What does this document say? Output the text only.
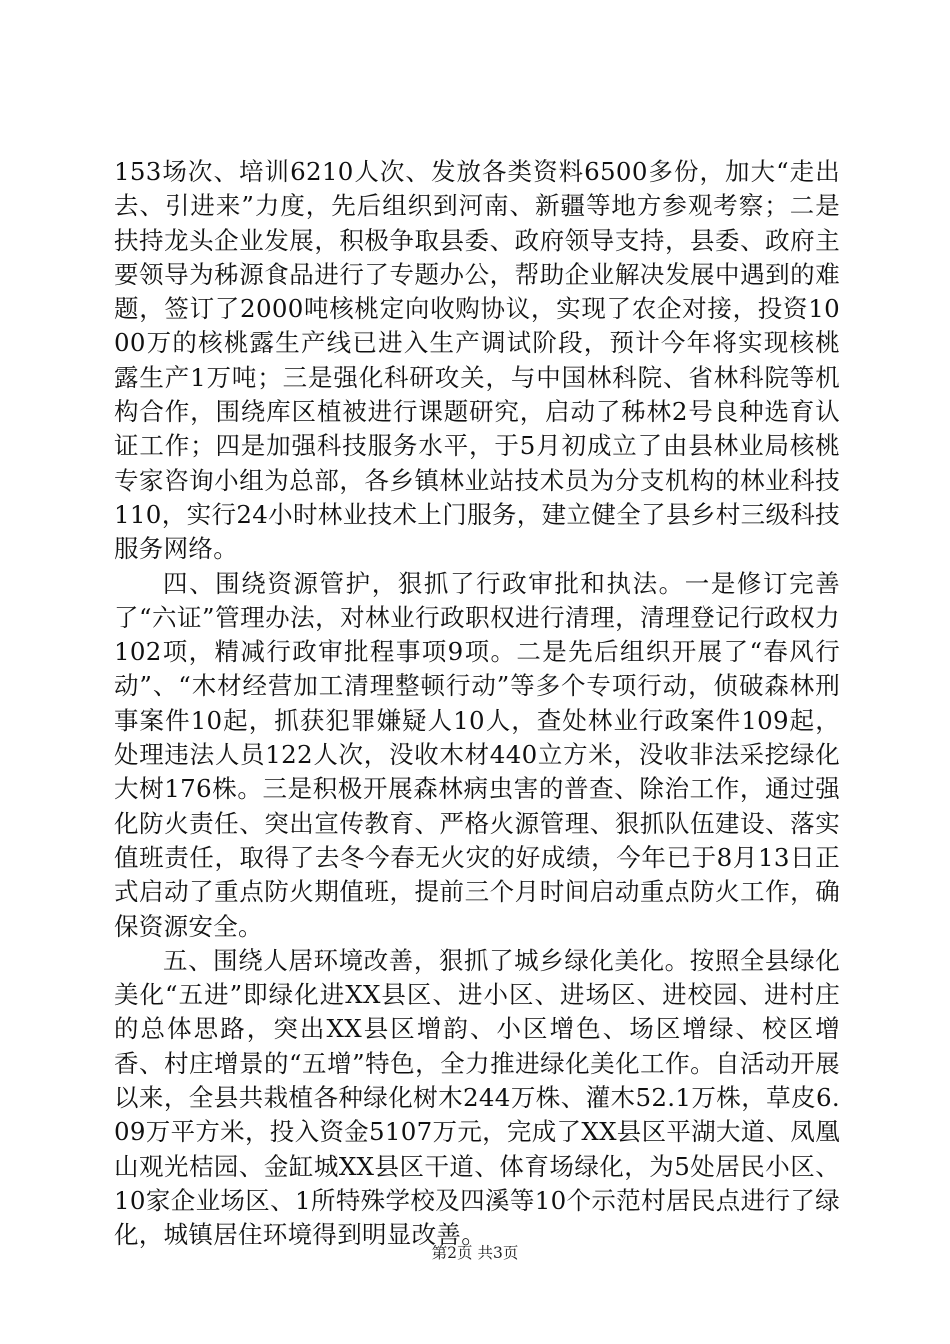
153场次、培训6210人次、发放各类资料6500多份，加大“走出去、引进来”力度，先后组织到河南、新疆等地方参观考察；二是扶持龙头企业发展，积极争取县委、政府领导支持，县委、政府主要领导为秭源食品进行了专题办公，帮助企业解决发展中遇到的难题，签订了2000吨核桃定向收购协议，实现了农企对接，投资1000万的核桃露生产线已进入生产调试阶段，预计今年将实现核桃露生产1万吨；三是强化科研攻关，与中国林科院、省林科院等机构合作，围绕库区植被进行课题研究，启动了秭林2号良种选育认证工作；四是加强科技服务水平，于5月初成立了由县林业局核桃专家咨询小组为总部，各乡镇林业站技术员为分支机构的林业科技110，实行24小时林业技术上门服务，建立健全了县乡村三级科技服务网络。

四、围绕资源管护，狠抓了行政审批和执法。一是修订完善了“六证”管理办法，对林业行政职权进行清理，清理登记行政权力102项，精减行政审批程事项9项。二是先后组织开展了“春风行动”、“木材经营加工清理整顿行动”等多个专项行动，侦破森林刑事案件10起，抓获犯罪嫌疑人10人，查处林业行政案件109起，处理违法人员122人次，没收木材440立方米，没收非法采挖绿化大树176株。三是积极开展森林病虫害的普查、除治工作，通过强化防火责任、突出宣传教育、严格火源管理、狠抓队伍建设、落实值班责任，取得了去冬今春无火灾的好成绩，今年已于8月13日正式启动了重点防火期值班，提前三个月时间启动重点防火工作，确保资源安全。

五、围绕人居环境改善，狠抓了城乡绿化美化。按照全县绿化美化“五进”即绿化进XX县区、进小区、进场区、进校园、进村庄的总体思路，突出XX县区增韵、小区增色、场区增绿、校区增香、村庄增景的“五增”特色，全力推进绿化美化工作。自活动开展以来，全县共栽植各种绿化树木244万株、灌木52.1万株，草皮6.09万平方米，投入资金5107万元，完成了XX县区平湖大道、凤凰山观光桔园、金缸城XX县区干道、体育场绿化，为5处居民小区、10家企业场区、1所特殊学校及四溪等10个示范村居民点进行了绿化，城镇居住环境得到明显改善。

第2页 共3页
